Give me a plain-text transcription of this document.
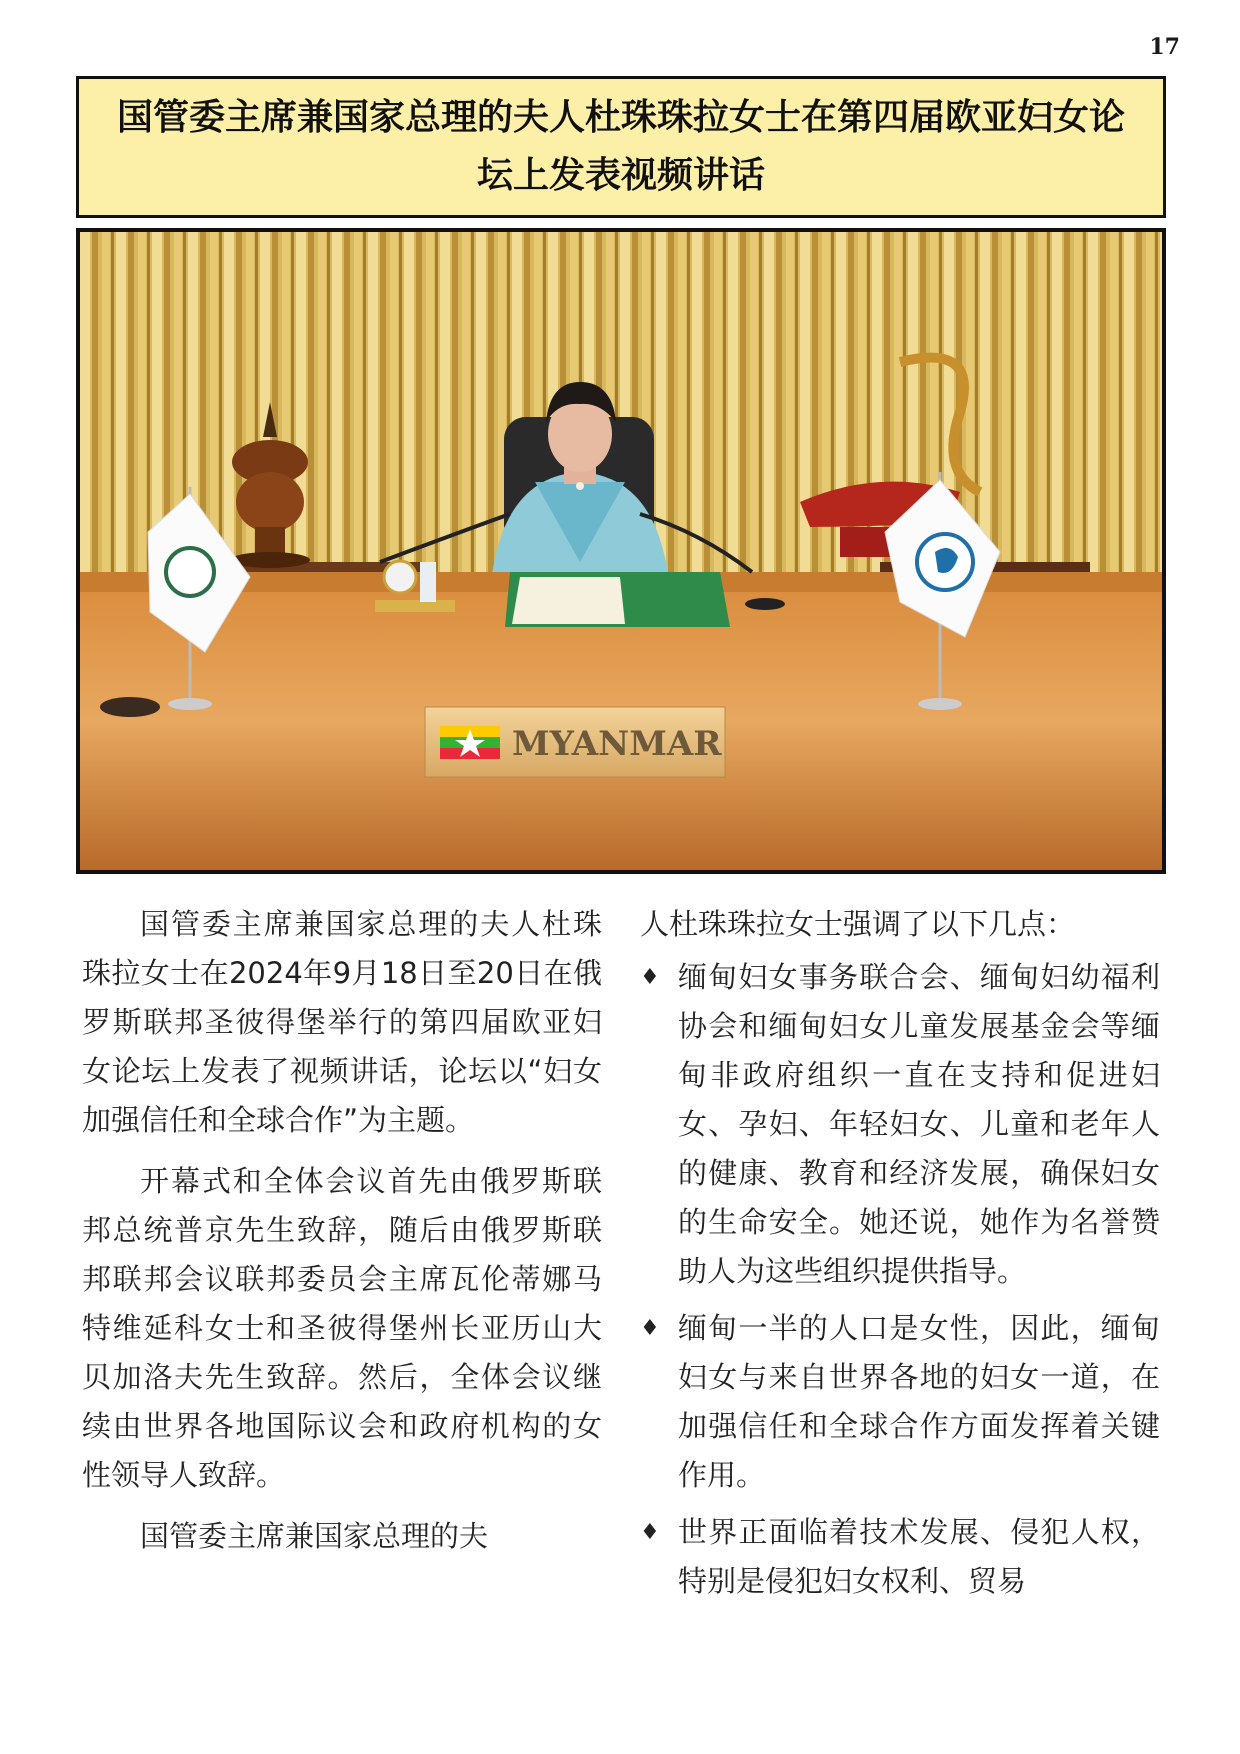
17
国管委主席兼国家总理的夫人杜珠珠拉女士在第四届欧亚妇女论坛上发表视频讲话
MYANMAR

国管委主席兼国家总理的夫人杜珠珠拉女士在2024年9月18日至20日在俄罗斯联邦圣彼得堡举行的第四届欧亚妇女论坛上发表了视频讲话，论坛以“妇女加强信任和全球合作”为主题。

开幕式和全体会议首先由俄罗斯联邦总统普京先生致辞，随后由俄罗斯联邦联邦会议联邦委员会主席瓦伦蒂娜马特维延科女士和圣彼得堡州长亚历山大贝加洛夫先生致辞。然后，全体会议继续由世界各地国际议会和政府机构的女性领导人致辞。

国管委主席兼国家总理的夫

人杜珠珠拉女士强调了以下几点：

♦ 缅甸妇女事务联合会、缅甸妇幼福利协会和缅甸妇女儿童发展基金会等缅甸非政府组织一直在支持和促进妇女、孕妇、年轻妇女、儿童和老年人的健康、教育和经济发展，确保妇女的生命安全。她还说，她作为名誉赞助人为这些组织提供指导。
♦ 缅甸一半的人口是女性，因此，缅甸妇女与来自世界各地的妇女一道，在加强信任和全球合作方面发挥着关键作用。
♦ 世界正面临着技术发展、侵犯人权，特别是侵犯妇女权利、贸易
